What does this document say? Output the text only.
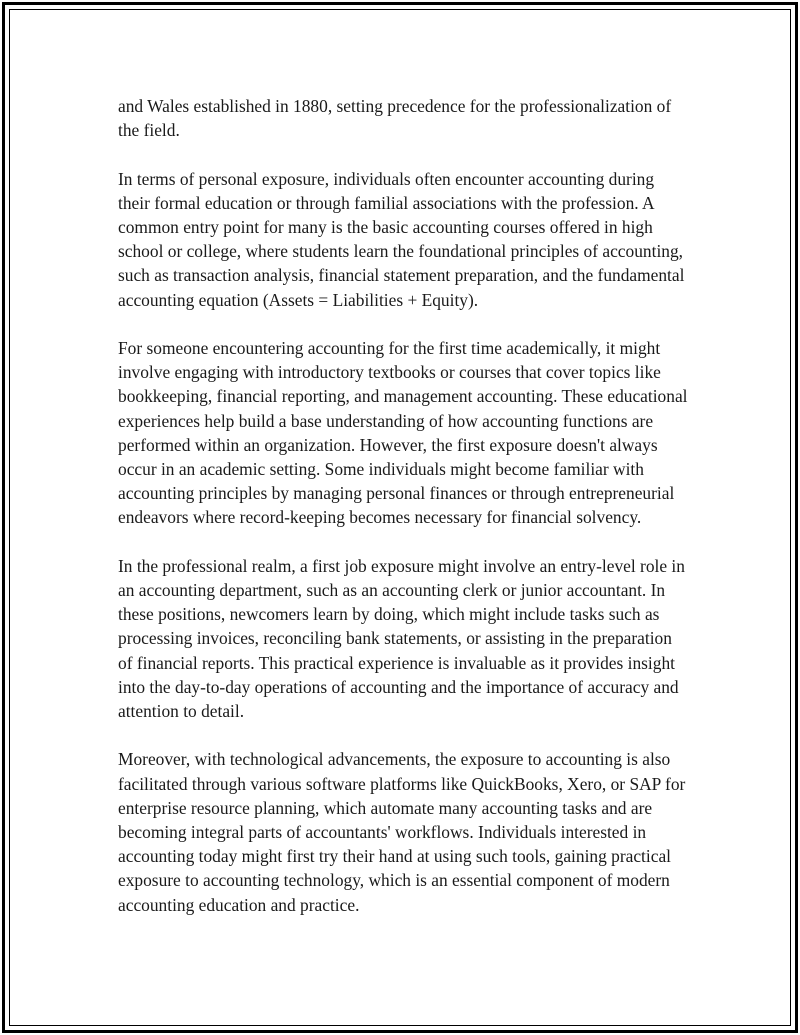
and Wales established in 1880, setting precedence for the professionalization of the field.

In terms of personal exposure, individuals often encounter accounting during their formal education or through familial associations with the profession. A common entry point for many is the basic accounting courses offered in high school or college, where students learn the foundational principles of accounting, such as transaction analysis, financial statement preparation, and the fundamental accounting equation (Assets = Liabilities + Equity).

For someone encountering accounting for the first time academically, it might involve engaging with introductory textbooks or courses that cover topics like bookkeeping, financial reporting, and management accounting. These educational experiences help build a base understanding of how accounting functions are performed within an organization. However, the first exposure doesn't always occur in an academic setting. Some individuals might become familiar with accounting principles by managing personal finances or through entrepreneurial endeavors where record-keeping becomes necessary for financial solvency.

In the professional realm, a first job exposure might involve an entry-level role in an accounting department, such as an accounting clerk or junior accountant. In these positions, newcomers learn by doing, which might include tasks such as processing invoices, reconciling bank statements, or assisting in the preparation of financial reports. This practical experience is invaluable as it provides insight into the day-to-day operations of accounting and the importance of accuracy and attention to detail.

Moreover, with technological advancements, the exposure to accounting is also facilitated through various software platforms like QuickBooks, Xero, or SAP for enterprise resource planning, which automate many accounting tasks and are becoming integral parts of accountants' workflows. Individuals interested in accounting today might first try their hand at using such tools, gaining practical exposure to accounting technology, which is an essential component of modern accounting education and practice.
